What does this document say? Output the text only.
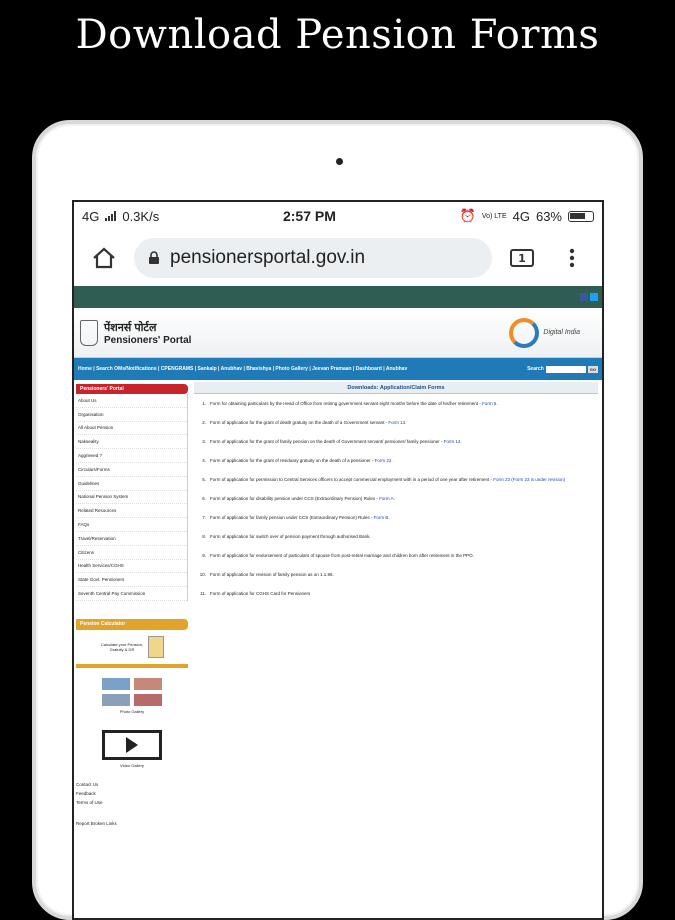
Download Pension Forms
4G 0.3K/s	2:57 PM	⏰ Vo) LTE 4G 63%
pensionersportal.gov.in	1
पेंशनर्स पोर्टल
Pensioners' Portal
Digital India
Home | Search OMs/Notifications | CPENGRAMS | Sankalp | Anubhav | Bhavishya | Photo Gallery | Jeevan Pramaan | Dashboard | Anubhav	Search	GO
Pensioners' Portal
About Us
Organisation
All About Pension
Nakseality
Aggrieved ?
Circulars/Forms
Guidelines
National Pension System
Related Resources
FAQs
Travel/Reservation
Citizens
Health Services/CGHS
State Govt. Pensioners
Seventh Central Pay Commission
Pension Calculator
Calculate your Pension, Gratuity & DR
Photo Gallery
Video Gallery
Contact Us
Feedback
Terms of Use
Report Broken Links
Downloads: Application/Claim Forms
1. Form for obtaining particulars by the Head of Office from retiring government servant eight months before the date of his/her retirement - Form 5.
2. Form of application for the grant of death gratuity on the death of a Government servant - Form 13.
3. Form of application for the grant of family pension on the death of Government servant/ pensioner/ family pensioner - Form 14.
4. Form of application for the grant of residuary gratuity on the death of a pensioner - Form 22.
5. Form of application for permission to Central Services officers to accept commercial employment with in a period of one year after retirement - Form 23 (Form 23 is under revision)
6. Form of application for disability pension under CCS (Extraordinary Pension) Rules - Form A.
7. Form of application for family pension under CCS (Extraordinary Pension) Rules - Form B.
8. Form of application for switch over of pension payment through authorised Bank.
9. Form of application for endorsement of particulars of spouse from post-retiral marriage and children born after retirement in the PPO.
10. Form of application for revision of family pension as on 1.1.96.
11. Form of application for CGHS Card for Pensioners
